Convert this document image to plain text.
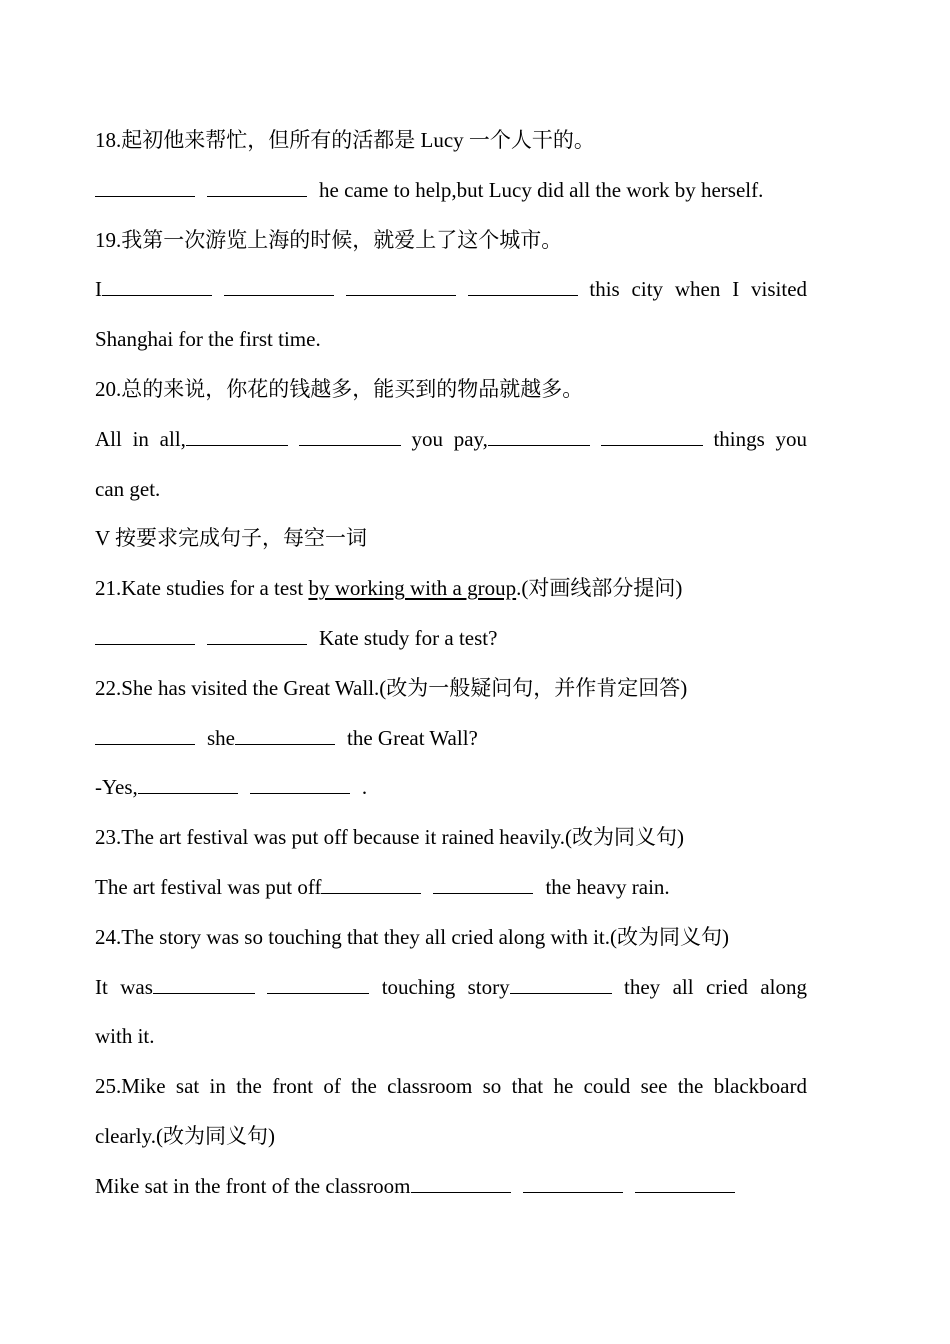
18.起初他来帮忙，但所有的活都是 Lucy 一个人干的。
he came to help,but Lucy did all the work by herself.
19.我第一次游览上海的时候，就爱上了这个城市。
I	this city when I visited
Shanghai for the first time.
20.总的来说，你花的钱越多，能买到的物品就越多。
All in all,	you pay,	things you
can get.
V 按要求完成句子，每空一词
21.Kate studies for a test by working with a group.(对画线部分提问)
Kate study for a test?
22.She has visited the Great Wall.(改为一般疑问句，并作肯定回答)
she	the Great Wall?
-Yes,	.
23.The art festival was put off because it rained heavily.(改为同义句)
The art festival was put off	the heavy rain.
24.The story was so touching that they all cried along with it.(改为同义句)
It was	touching story	they all cried along
with it.
25.Mike sat in the front of the classroom so that he could see the blackboard
clearly.(改为同义句)
Mike sat in the front of the classroom
